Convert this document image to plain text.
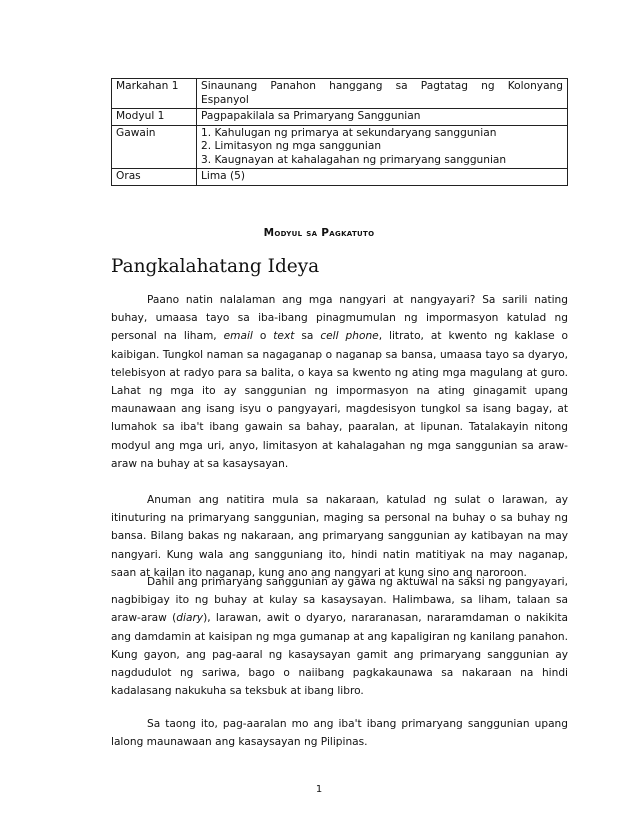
Markahan 1	Sinaunang Panahon hanggang sa Pagtatag ng Kolonyang
Espanyol

Modyul 1	Pagpapakilala sa Primaryang Sanggunian
Gawain	1. Kahulugan ng primarya at sekundaryang sanggunian
2. Limitasyon ng mga sanggunian
3. Kaugnayan at kahalagahan ng primaryang sanggunian

Oras	Lima (5)
Modyul sa Pagkatuto
Pangkalahatang Ideya

Paano natin nalalaman ang mga nangyari at nangyayari? Sa sarili nating buhay, umaasa tayo sa iba-ibang pinagmumulan ng impormasyon katulad ng personal na liham, email o text sa cell phone, litrato, at kwento ng kaklase o kaibigan. Tungkol naman sa nagaganap o naganap sa bansa, umaasa tayo sa dyaryo, telebisyon at radyo para sa balita, o kaya sa kwento ng ating mga magulang at guro. Lahat ng mga ito ay sanggunian ng impormasyon na ating ginagamit upang maunawaan ang isang isyu o pangyayari, magdesisyon tungkol sa isang bagay, at lumahok sa iba't ibang gawain sa bahay, paaralan, at lipunan. Tatalakayin nitong modyul ang mga uri, anyo, limitasyon at kahalagahan ng mga sanggunian sa araw-araw na buhay at sa kasaysayan.

Anuman ang natitira mula sa nakaraan, katulad ng sulat o larawan, ay itinuturing na primaryang sanggunian, maging sa personal na buhay o sa buhay ng bansa. Bilang bakas ng nakaraan, ang primaryang sanggunian ay katibayan na may nangyari. Kung wala ang sangguniang ito, hindi natin matitiyak na may naganap, saan at kailan ito naganap, kung ano ang nangyari at kung sino ang naroroon.

Dahil ang primaryang sanggunian ay gawa ng aktuwal na saksi ng pangyayari, nagbibigay ito ng buhay at kulay sa kasaysayan. Halimbawa, sa liham, talaan sa araw-araw (diary), larawan, awit o dyaryo, nararanasan, nararamdaman o nakikita ang damdamin at kaisipan ng mga gumanap at ang kapaligiran ng kanilang panahon. Kung gayon, ang pag-aaral ng kasaysayan gamit ang primaryang sanggunian ay nagdudulot ng sariwa, bago o naiibang pagkakaunawa sa nakaraan na hindi kadalasang nakukuha sa teksbuk at ibang libro.

Sa taong ito, pag-aaralan mo ang iba't ibang primaryang sanggunian upang lalong maunawaan ang kasaysayan ng Pilipinas.

1
